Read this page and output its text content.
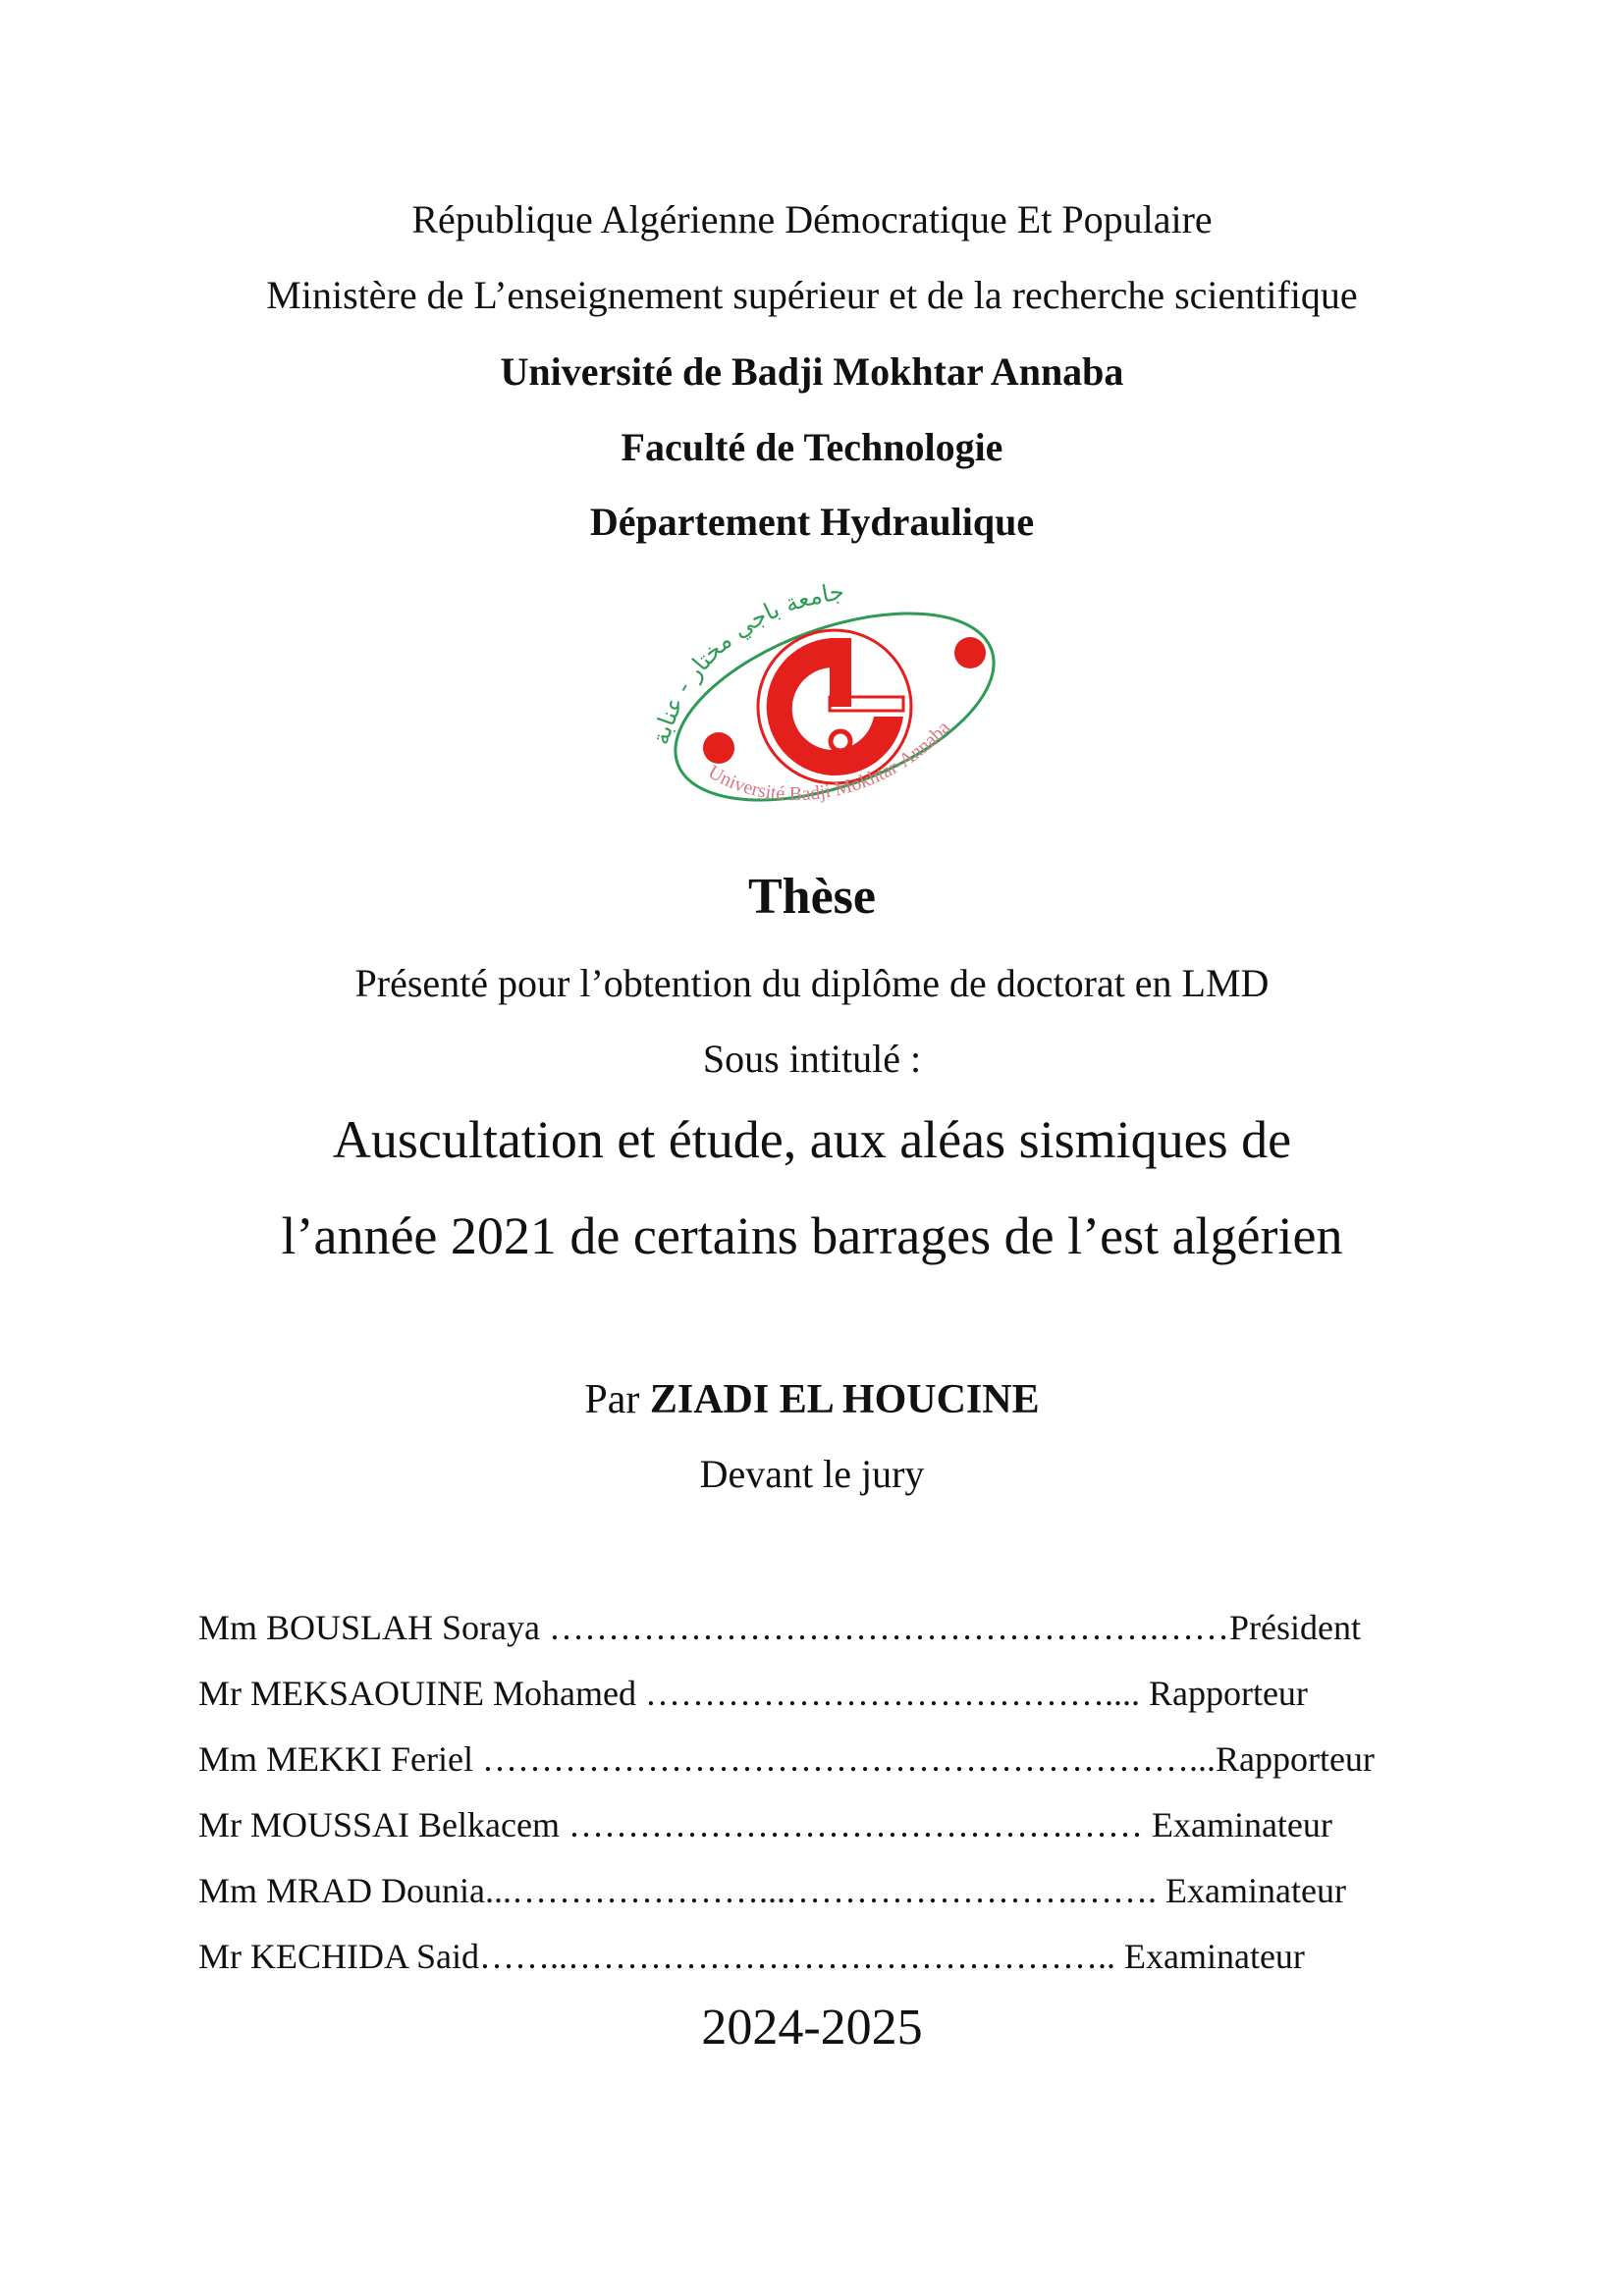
République Algérienne Démocratique Et Populaire
Ministère de L’enseignement supérieur et de la recherche scientifique
Université de Badji Mokhtar Annaba
Faculté de Technologie
Département Hydraulique
جامعة باجي مختار - عنابة
Université Badji Mokhtar-Annaba
Thèse
Présenté pour l’obtention du diplôme de doctorat en LMD
Sous intitulé :
Auscultation et étude, aux aléas sismiques de
l’année 2021 de certains barrages de l’est algérien
Par ZIADI EL HOUCINE
Devant le jury
Mm BOUSLAH Soraya …………………………………………….……Président
Mr MEKSAOUINE Mohamed ………………………………….... Rapporteur
Mm MEKKI Feriel ……………………………………………………...Rapporteur
Mr MOUSSAI Belkacem …………………………………….…… Examinateur
Mm MRAD Dounia...…………………...…………………….……. Examinateur
Mr KECHIDA Said……..……………………………………….. Examinateur
2024-2025
